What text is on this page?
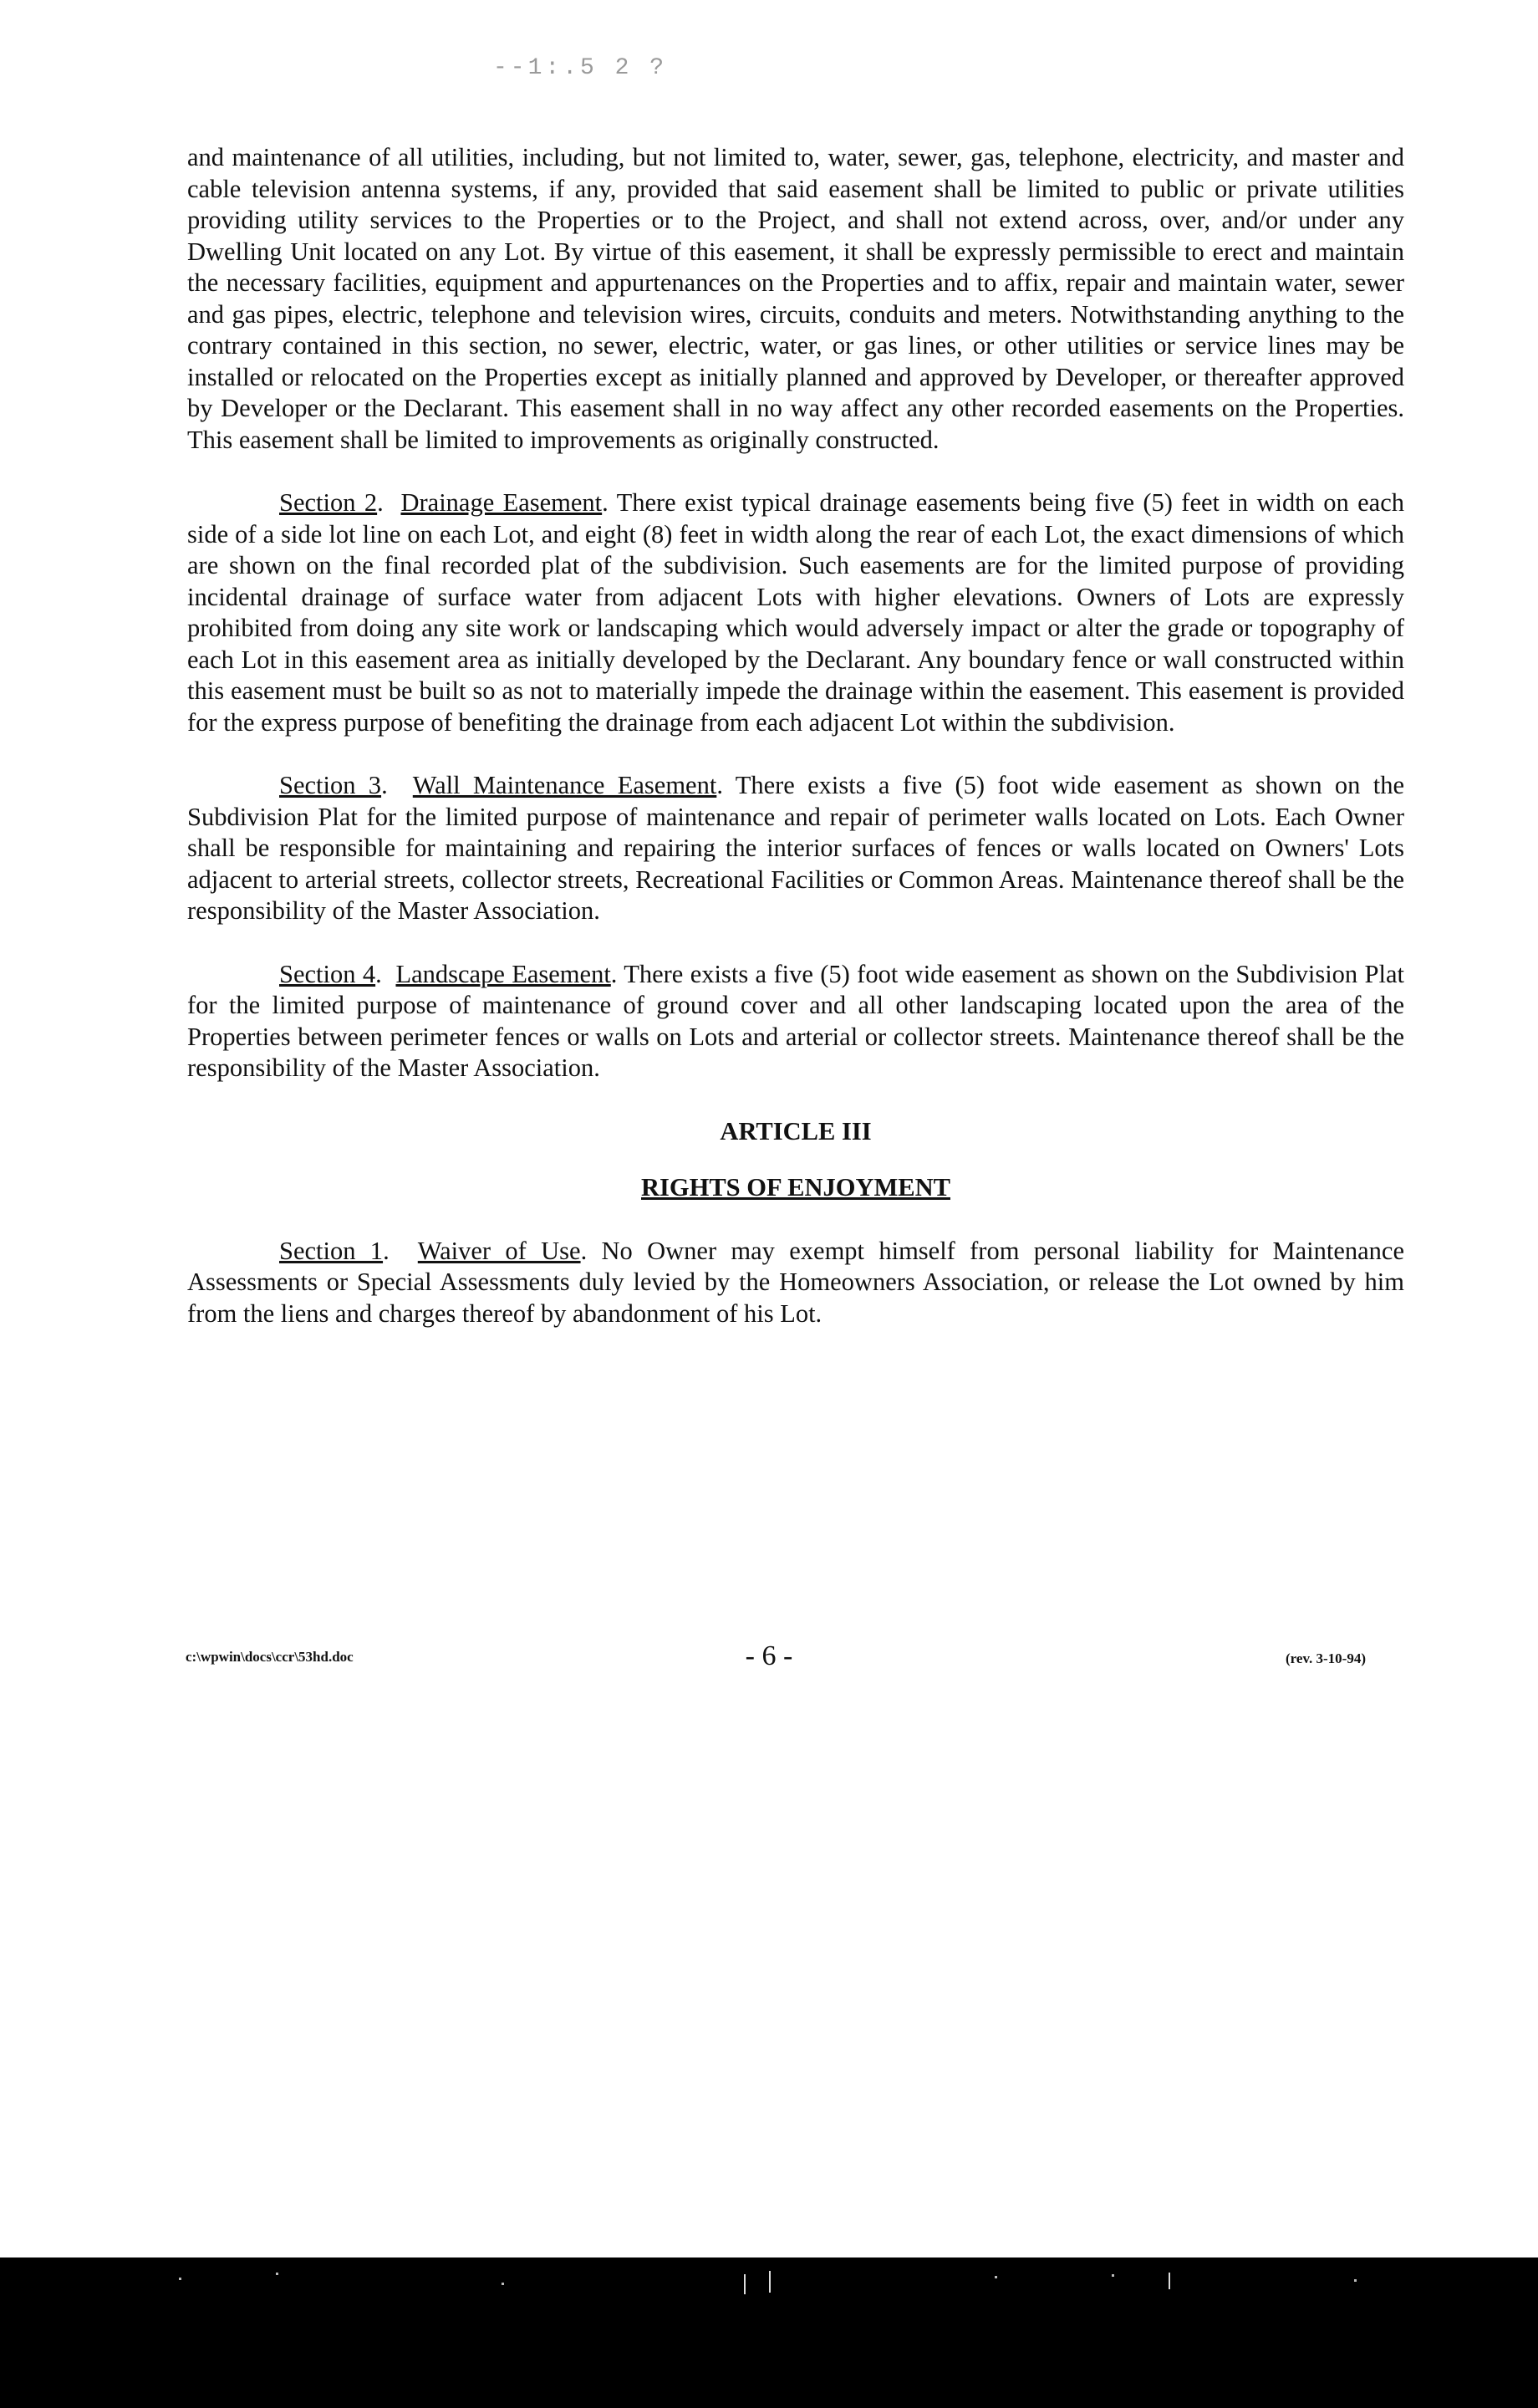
--1:.5 2 ?

and maintenance of all utilities, including, but not limited to, water, sewer, gas, telephone, electricity, and master and cable television antenna systems, if any, provided that said easement shall be limited to public or private utilities providing utility services to the Properties or to the Project, and shall not extend across, over, and/or under any Dwelling Unit located on any Lot. By virtue of this easement, it shall be expressly permissible to erect and maintain the necessary facilities, equipment and appurtenances on the Properties and to affix, repair and maintain water, sewer and gas pipes, electric, telephone and television wires, circuits, conduits and meters. Notwithstanding anything to the contrary contained in this section, no sewer, electric, water, or gas lines, or other utilities or service lines may be installed or relocated on the Properties except as initially planned and approved by Developer, or thereafter approved by Developer or the Declarant. This easement shall in no way affect any other recorded easements on the Properties. This easement shall be limited to improvements as originally constructed.

Section 2.  Drainage Easement. There exist typical drainage easements being five (5) feet in width on each side of a side lot line on each Lot, and eight (8) feet in width along the rear of each Lot, the exact dimensions of which are shown on the final recorded plat of the subdivision. Such easements are for the limited purpose of providing incidental drainage of surface water from adjacent Lots with higher elevations. Owners of Lots are expressly prohibited from doing any site work or landscaping which would adversely impact or alter the grade or topography of each Lot in this easement area as initially developed by the Declarant. Any boundary fence or wall constructed within this easement must be built so as not to materially impede the drainage within the easement. This easement is provided for the express purpose of benefiting the drainage from each adjacent Lot within the subdivision.

Section 3.  Wall Maintenance Easement. There exists a five (5) foot wide easement as shown on the Subdivision Plat for the limited purpose of maintenance and repair of perimeter walls located on Lots. Each Owner shall be responsible for maintaining and repairing the interior surfaces of fences or walls located on Owners' Lots adjacent to arterial streets, collector streets, Recreational Facilities or Common Areas. Maintenance thereof shall be the responsibility of the Master Association.

Section 4.  Landscape Easement. There exists a five (5) foot wide easement as shown on the Subdivision Plat for the limited purpose of maintenance of ground cover and all other landscaping located upon the area of the Properties between perimeter fences or walls on Lots and arterial or collector streets. Maintenance thereof shall be the responsibility of the Master Association.

ARTICLE III

RIGHTS OF ENJOYMENT

Section 1.  Waiver of Use. No Owner may exempt himself from personal liability for Maintenance Assessments or Special Assessments duly levied by the Homeowners Association, or release the Lot owned by him from the liens and charges thereof by abandonment of his Lot.

c:\wpwin\docs\ccr\53hd.doc	- 6 -	(rev. 3-10-94)
